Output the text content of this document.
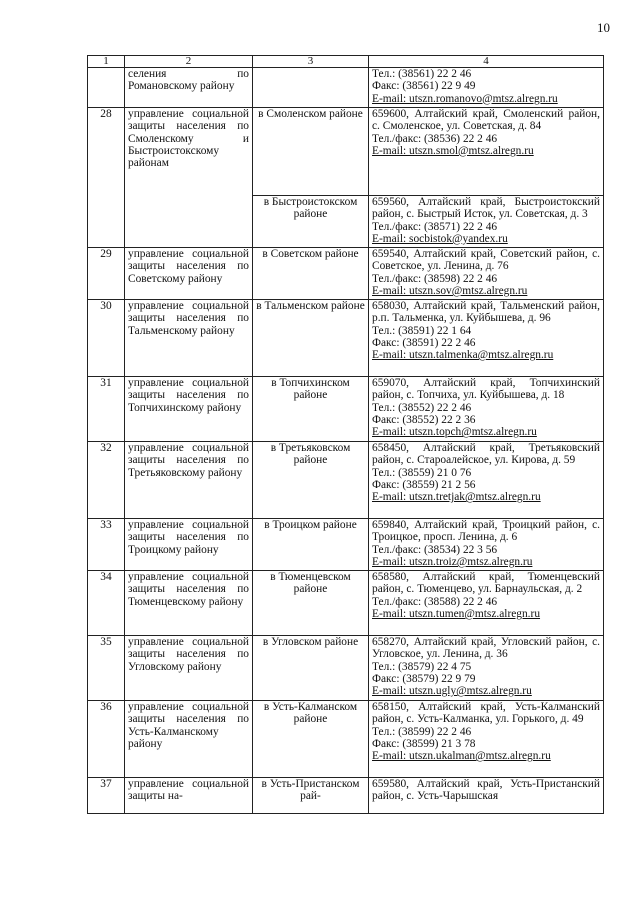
10
1	2	3	4
	селения по Романовскому району		Тел.: (38561) 22 2 46
Факс: (38561) 22 9 49
E-mail: utszn.romanovo@mtsz.alregn.ru

28	управление социальной защиты населения по Смоленскому и Быстроистокскому районам	в Смоленском районе	659600, Алтайский край, Смоленский район, с. Смоленское, ул. Советская, д. 84
Тел./факс: (38536) 22 2 46
E-mail: utszn.smol@mtsz.alregn.ru

		в Быстроистокском районе	659560, Алтайский край, Быстроистокский район, с. Быстрый Исток, ул. Советская, д. 3
Тел./факс: (38571) 22 2 46
E-mail: socbistok@yandex.ru

29	управление социальной защиты населения по Советскому району	в Советском районе	659540, Алтайский край, Советский район, с. Советское, ул. Ленина, д. 76
Тел./факс: (38598) 22 2 46
E-mail: utszn.sov@mtsz.alregn.ru

30	управление социальной защиты населения по Тальменскому району	в Тальменском районе	658030, Алтайский край, Тальменский район, р.п. Тальменка, ул. Куйбышева, д. 96
Тел.: (38591) 22 1 64
Факс: (38591) 22 2 46
E-mail: utszn.talmenka@mtsz.alregn.ru

31	управление социальной защиты населения по Топчихинскому району	в Топчихинском районе	659070, Алтайский край, Топчихинский район, с. Топчиха, ул. Куйбышева, д. 18
Тел.: (38552) 22 2 46
Факс: (38552) 22 2 36
E-mail: utszn.topch@mtsz.alregn.ru

32	управление социальной защиты населения по Третьяковскому району	в Третьяковском районе	658450, Алтайский край, Третьяковский район, с. Староалейское, ул. Кирова, д. 59
Тел.: (38559) 21 0 76
Факс: (38559) 21 2 56
E-mail: utszn.tretjak@mtsz.alregn.ru

33	управление социальной защиты населения по Троицкому району	в Троицком районе	659840, Алтайский край, Троицкий район, с. Троицкое, просп. Ленина, д. 6
Тел./факс: (38534) 22 3 56
E-mail: utszn.troiz@mtsz.alregn.ru

34	управление социальной защиты населения по Тюменцевскому району	в Тюменцевском районе	658580, Алтайский край, Тюменцевский район, с. Тюменцево, ул. Барнаульская, д. 2
Тел./факс: (38588) 22 2 46
E-mail: utszn.tumen@mtsz.alregn.ru

35	управление социальной защиты населения по Угловскому району	в Угловском районе	658270, Алтайский край, Угловский район, с. Угловское, ул. Ленина, д. 36
Тел.: (38579) 22 4 75
Факс: (38579) 22 9 79
E-mail: utszn.ugly@mtsz.alregn.ru

36	управление социальной защиты населения по Усть-Калманскому району	в Усть-Калманском районе	658150, Алтайский край, Усть-Калманский район, с. Усть-Калманка, ул. Горького, д. 49
Тел.: (38599) 22 2 46
Факс: (38599) 21 3 78
E-mail: utszn.ukalman@mtsz.alregn.ru

37	управление социальной защиты на-	в Усть-Пристанском рай-	659580, Алтайский край, Усть-Пристанский район, с. Усть-Чарышская
